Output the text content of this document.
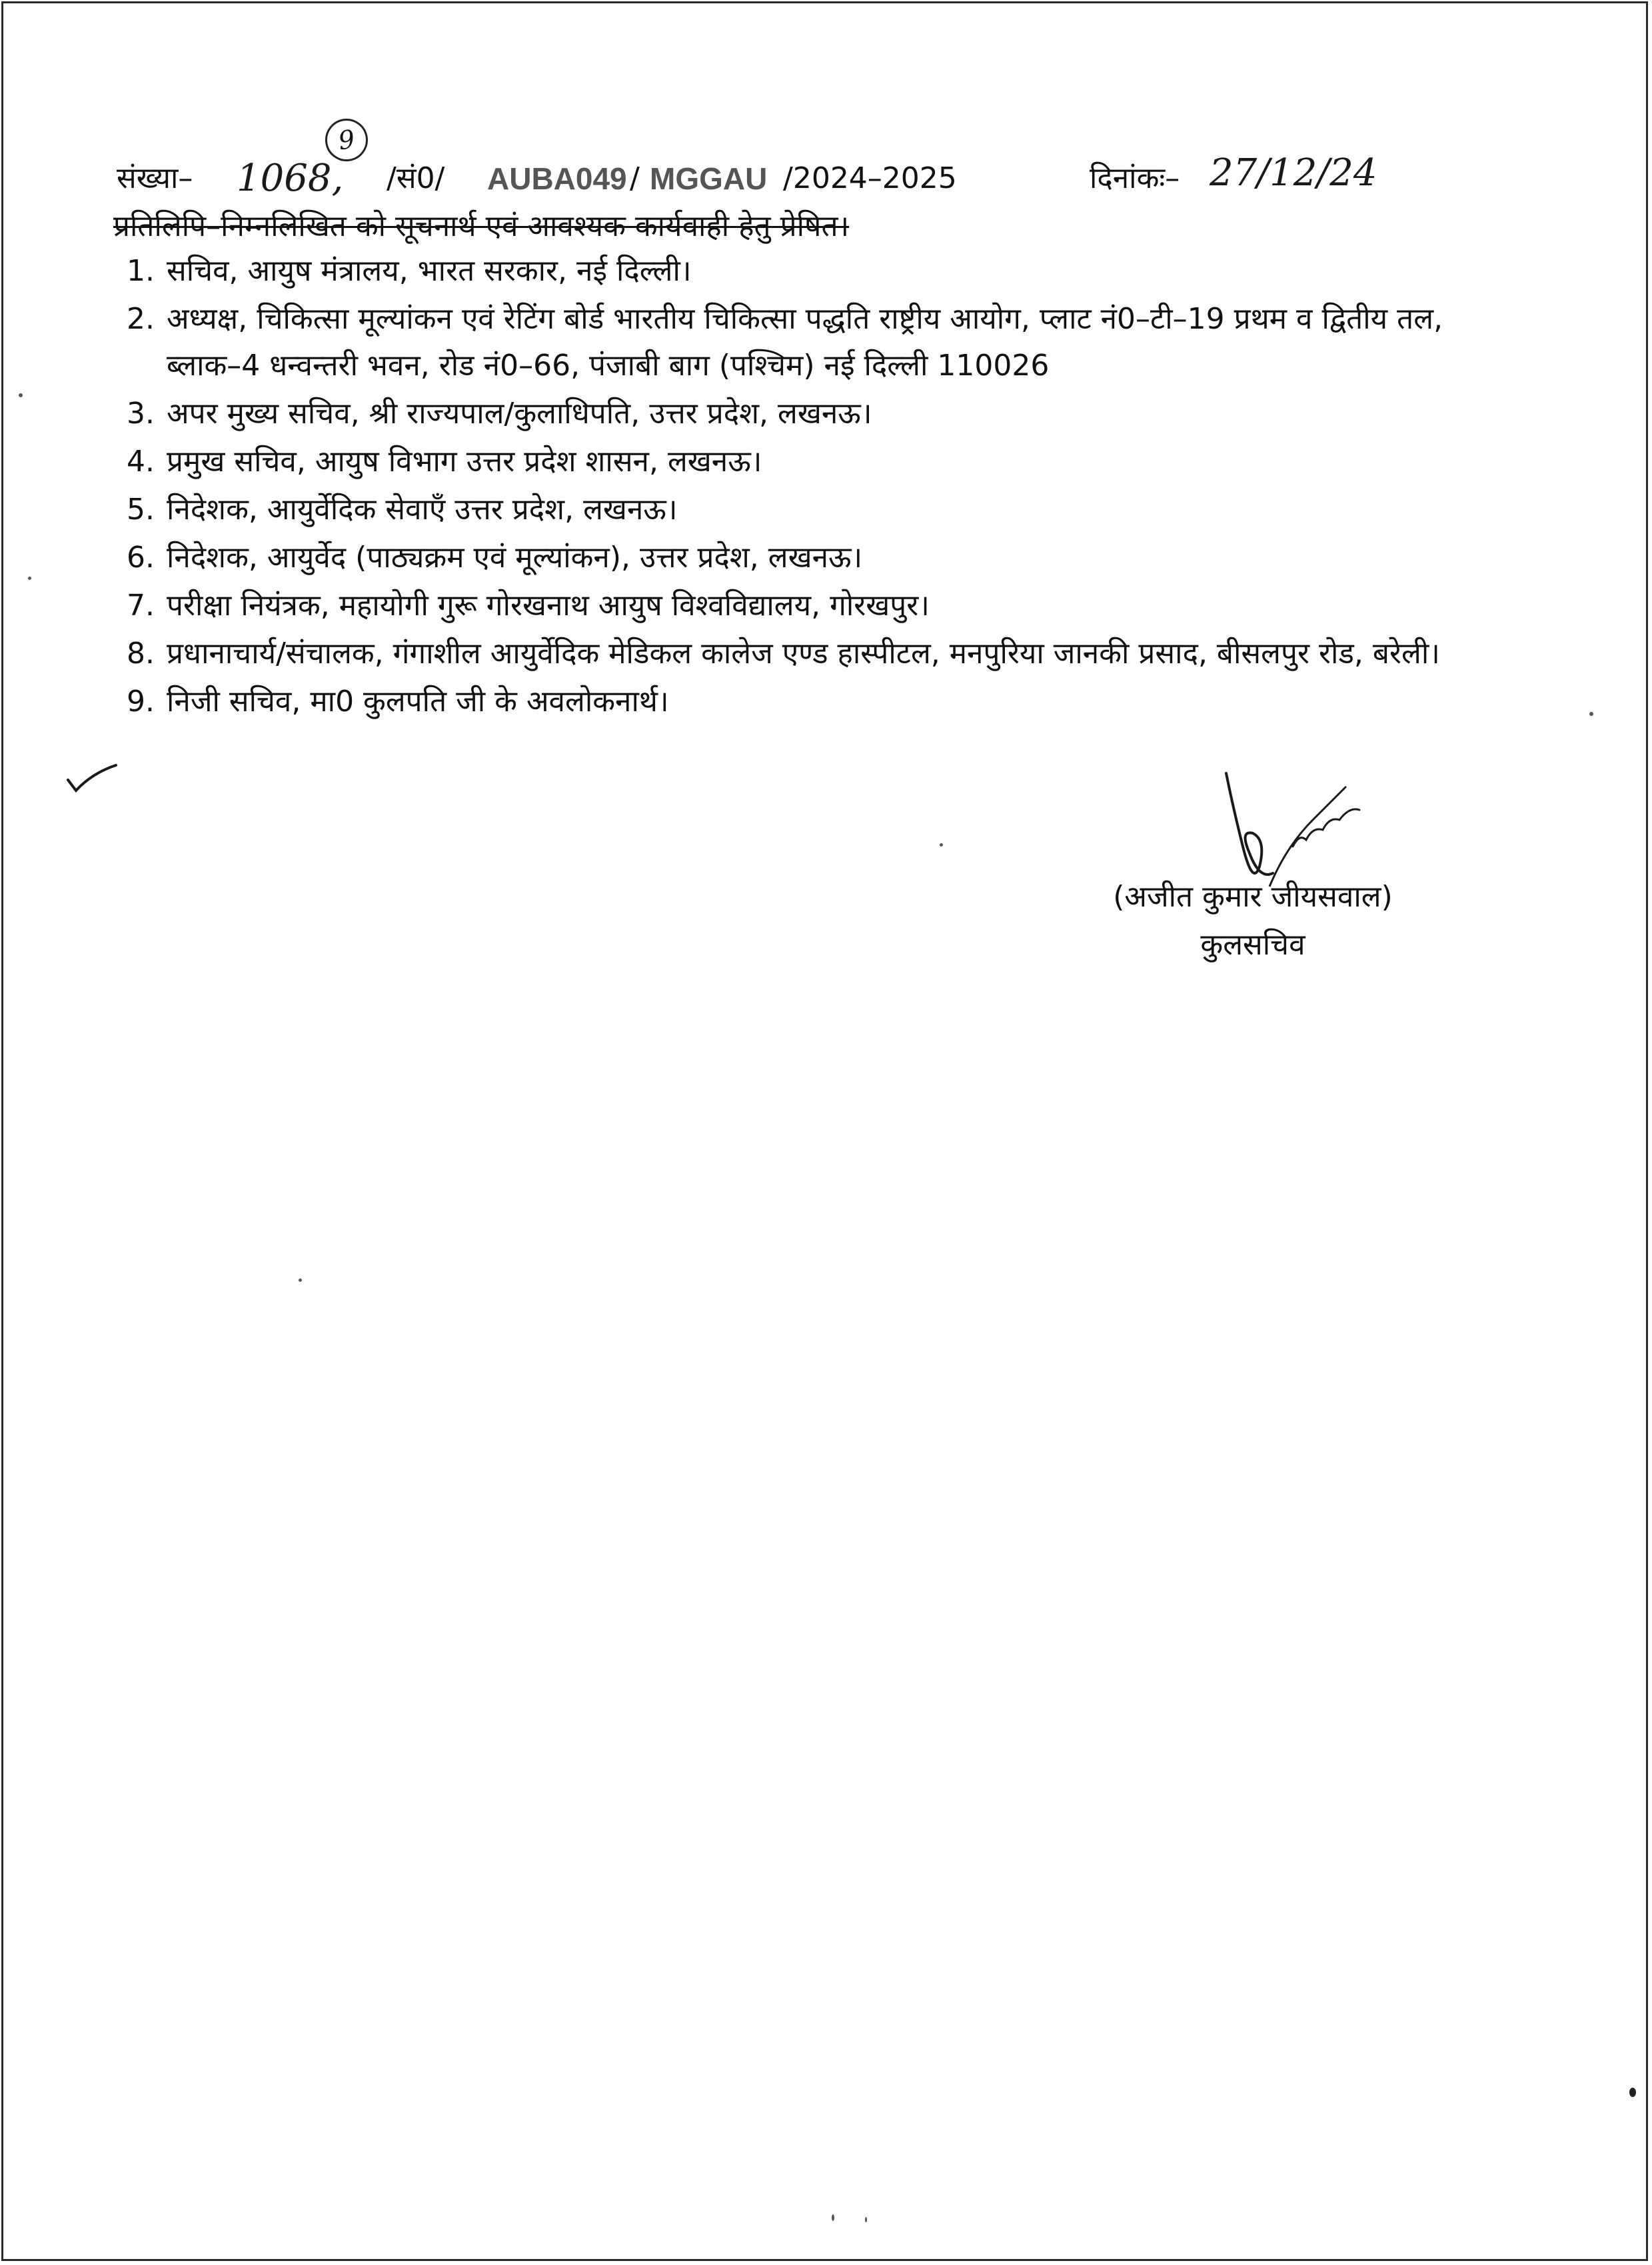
9
संख्या– 1068, /सं0/ AUBA049 / MGGAU /2024–2025	दिनांकः– 27/12/24
प्रतिलिपि–निम्नलिखित को सूचनार्थ एवं आवश्यक कार्यवाही हेतु प्रेषित।
1. सचिव, आयुष मंत्रालय, भारत सरकार, नई दिल्ली।
2. अध्यक्ष, चिकित्सा मूल्यांकन एवं रेटिंग बोर्ड भारतीय चिकित्सा पद्धति राष्ट्रीय आयोग, प्लाट नं0–टी–19 प्रथम व द्वितीय तल, ब्लाक–4 धन्वन्तरी भवन, रोड नं0–66, पंजाबी बाग (पश्चिम) नई दिल्ली 110026
3. अपर मुख्य सचिव, श्री राज्यपाल/कुलाधिपति, उत्तर प्रदेश, लखनऊ।
4. प्रमुख सचिव, आयुष विभाग उत्तर प्रदेश शासन, लखनऊ।
5. निदेशक, आयुर्वेदिक सेवाएँ उत्तर प्रदेश, लखनऊ।
6. निदेशक, आयुर्वेद (पाठ्यक्रम एवं मूल्यांकन), उत्तर प्रदेश, लखनऊ।
7. परीक्षा नियंत्रक, महायोगी गुरू गोरखनाथ आयुष विश्वविद्यालय, गोरखपुर।
8. प्रधानाचार्य/संचालक, गंगाशील आयुर्वेदिक मेडिकल कालेज एण्ड हास्पीटल, मनपुरिया जानकी प्रसाद, बीसलपुर रोड, बरेली।
9. निजी सचिव, मा0 कुलपति जी के अवलोकनार्थ।
(अजीत कुमार जीयसवाल)
कुलसचिव
